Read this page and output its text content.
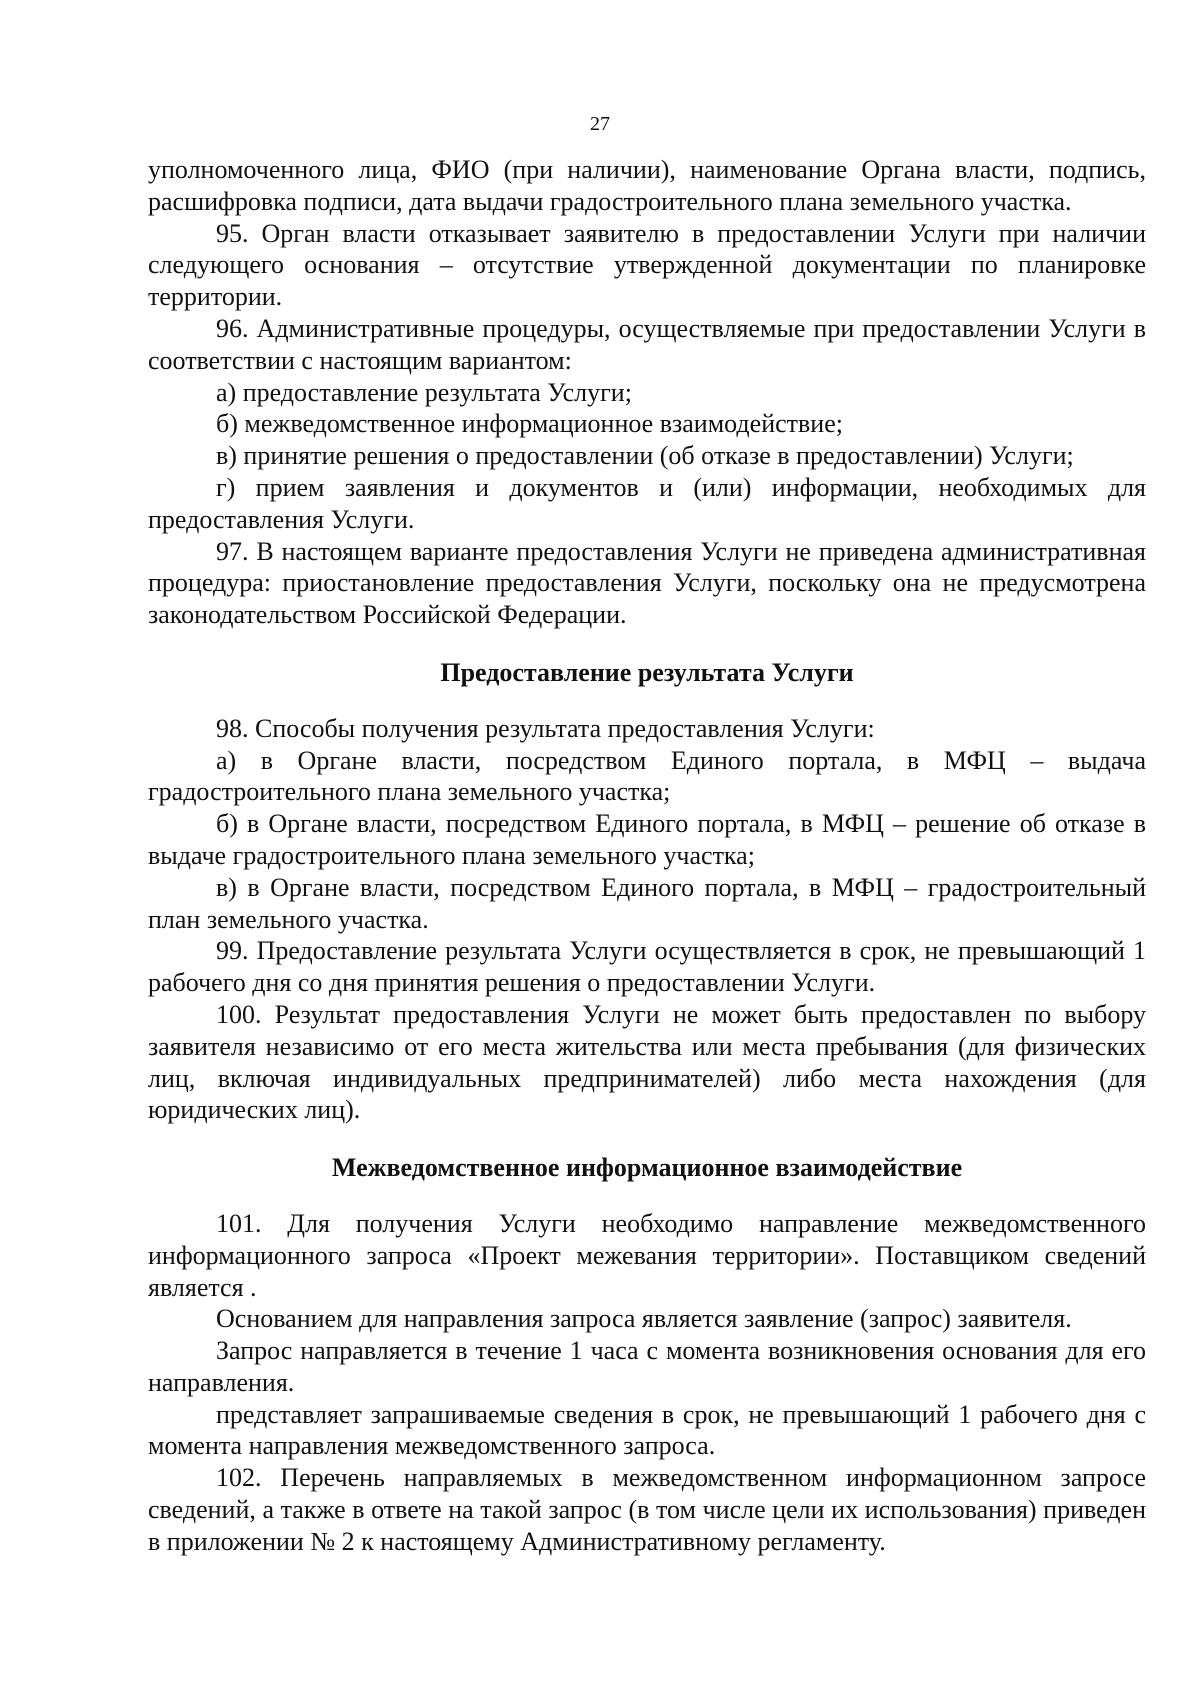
27

уполномоченного лица, ФИО (при наличии), наименование Органа власти, подпись, расшифровка подписи, дата выдачи градостроительного плана земельного участка.

95. Орган власти отказывает заявителю в предоставлении Услуги при наличии следующего основания – отсутствие утвержденной документации по планировке территории.

96. Административные процедуры, осуществляемые при предоставлении Услуги в соответствии с настоящим вариантом:

а) предоставление результата Услуги;

б) межведомственное информационное взаимодействие;

в) принятие решения о предоставлении (об отказе в предоставлении) Услуги;

г) прием заявления и документов и (или) информации, необходимых для предоставления Услуги.

97. В настоящем варианте предоставления Услуги не приведена административная процедура: приостановление предоставления Услуги, поскольку она не предусмотрена законодательством Российской Федерации.

Предоставление результата Услуги

98. Способы получения результата предоставления Услуги:

а) в Органе власти, посредством Единого портала, в МФЦ – выдача градостроительного плана земельного участка;

б) в Органе власти, посредством Единого портала, в МФЦ – решение об отказе в выдаче градостроительного плана земельного участка;

в) в Органе власти, посредством Единого портала, в МФЦ – градостроительный план земельного участка.

99. Предоставление результата Услуги осуществляется в срок, не превышающий 1 рабочего дня со дня принятия решения о предоставлении Услуги.

100. Результат предоставления Услуги не может быть предоставлен по выбору заявителя независимо от его места жительства или места пребывания (для физических лиц, включая индивидуальных предпринимателей) либо места нахождения (для юридических лиц).

Межведомственное информационное взаимодействие

101. Для получения Услуги необходимо направление межведомственного информационного запроса «Проект межевания территории». Поставщиком сведений является .

Основанием для направления запроса является заявление (запрос) заявителя.

Запрос направляется в течение 1 часа с момента возникновения основания для его направления.

представляет запрашиваемые сведения в срок, не превышающий 1 рабочего дня с момента направления межведомственного запроса.

102. Перечень направляемых в межведомственном информационном запросе сведений, а также в ответе на такой запрос (в том числе цели их использования) приведен в приложении № 2 к настоящему Административному регламенту.
